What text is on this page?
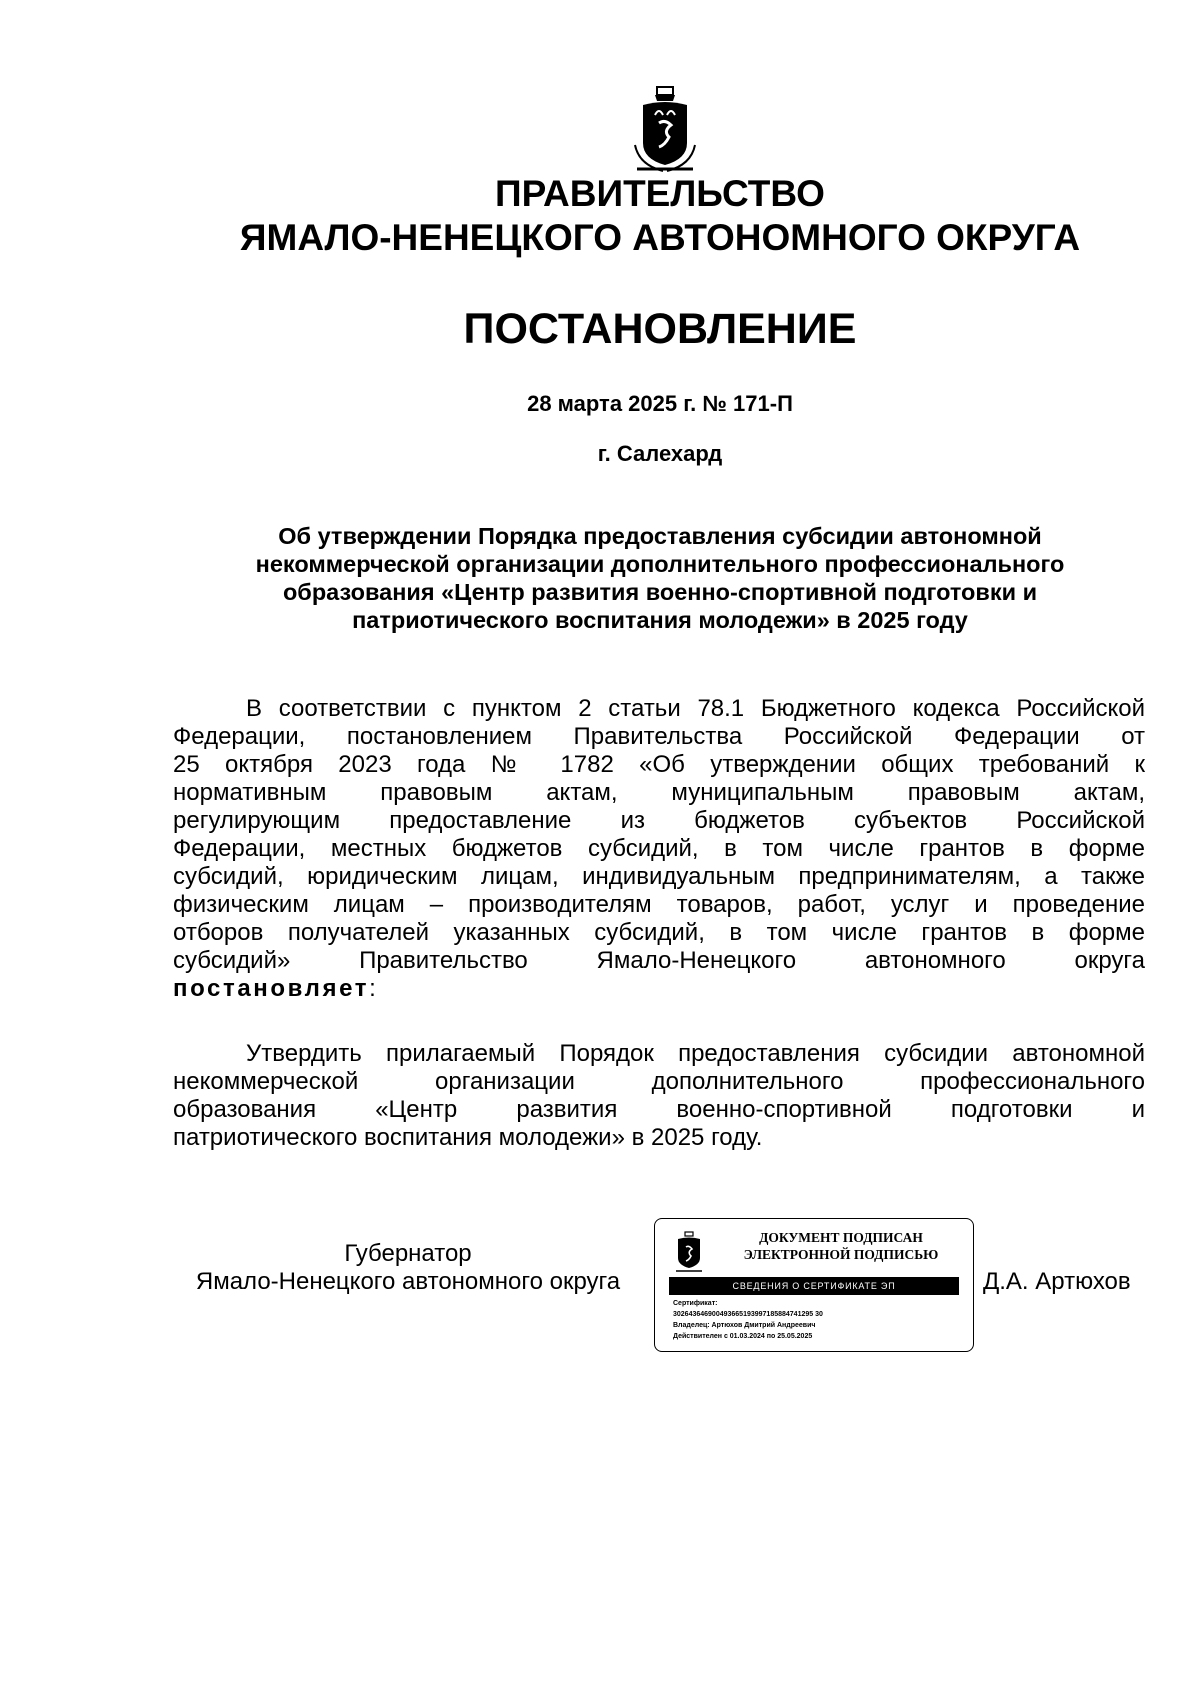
ПРАВИТЕЛЬСТВО
ЯМАЛО-НЕНЕЦКОГО АВТОНОМНОГО ОКРУГА
ПОСТАНОВЛЕНИЕ
28 марта 2025 г. № 171-П
г. Салехард
Об утверждении Порядка предоставления субсидии автономной
некоммерческой организации дополнительного профессионального
образования «Центр развития военно-спортивной подготовки и
патриотического воспитания молодежи» в 2025 году
В соответствии с пунктом 2 статьи 78.1 Бюджетного кодекса Российской
Федерации, постановлением Правительства Российской Федерации от
25 октября 2023 года № 1782 «Об утверждении общих требований к
нормативным правовым актам, муниципальным правовым актам,
регулирующим предоставление из бюджетов субъектов Российской
Федерации, местных бюджетов субсидий, в том числе грантов в форме
субсидий, юридическим лицам, индивидуальным предпринимателям, а также
физическим лицам – производителям товаров, работ, услуг и проведение
отборов получателей указанных субсидий, в том числе грантов в форме
субсидий» Правительство Ямало-Ненецкого автономного округа
постановляет:
Утвердить прилагаемый Порядок предоставления субсидии автономной
некоммерческой организации дополнительного профессионального
образования «Центр развития военно-спортивной подготовки и
патриотического воспитания молодежи» в 2025 году.
Губернатор
Ямало-Ненецкого автономного округа	Д.А. Артюхов
ДОКУМЕНТ ПОДПИСАН
ЭЛЕКТРОННОЙ ПОДПИСЬЮ
СВЕДЕНИЯ О СЕРТИФИКАТЕ ЭП
Сертификат:
302643646900493665193997185884741295 30
Владелец: Артюхов Дмитрий Андреевич
Действителен с 01.03.2024 по 25.05.2025
